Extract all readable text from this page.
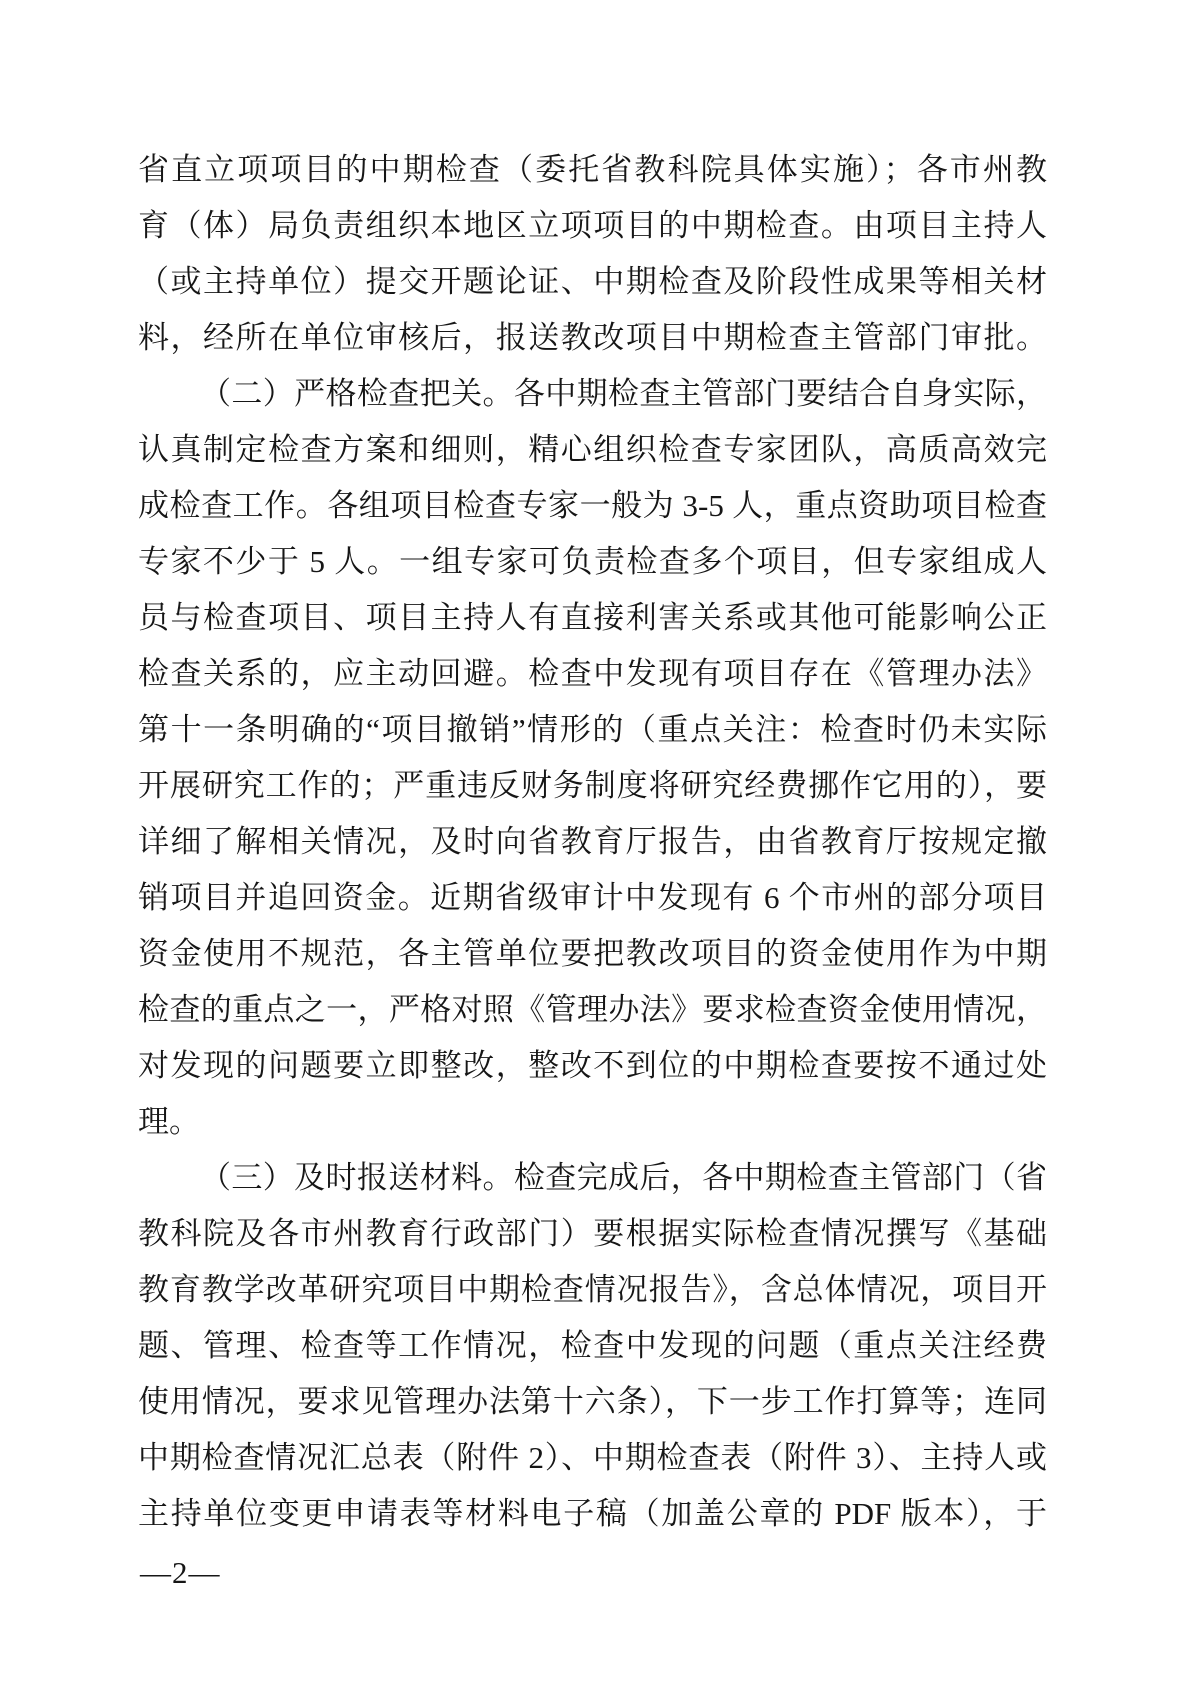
省直立项项目的中期检查（委托省教科院具体实施）；各市州教
育（体）局负责组织本地区立项项目的中期检查。由项目主持人
（或主持单位）提交开题论证、中期检查及阶段性成果等相关材
料，经所在单位审核后，报送教改项目中期检查主管部门审批。
（二）严格检查把关。各中期检查主管部门要结合自身实际，
认真制定检查方案和细则，精心组织检查专家团队，高质高效完
成检查工作。各组项目检查专家一般为 3-5 人，重点资助项目检查
专家不少于 5 人。一组专家可负责检查多个项目，但专家组成人
员与检查项目、项目主持人有直接利害关系或其他可能影响公正
检查关系的，应主动回避。检查中发现有项目存在《管理办法》
第十一条明确的“项目撤销”情形的（重点关注：检查时仍未实际
开展研究工作的；严重违反财务制度将研究经费挪作它用的），要
详细了解相关情况，及时向省教育厅报告，由省教育厅按规定撤
销项目并追回资金。近期省级审计中发现有 6 个市州的部分项目
资金使用不规范，各主管单位要把教改项目的资金使用作为中期
检查的重点之一，严格对照《管理办法》要求检查资金使用情况，
对发现的问题要立即整改，整改不到位的中期检查要按不通过处
理。
（三）及时报送材料。检查完成后，各中期检查主管部门（省
教科院及各市州教育行政部门）要根据实际检查情况撰写《基础
教育教学改革研究项目中期检查情况报告》，含总体情况，项目开
题、管理、检查等工作情况，检查中发现的问题（重点关注经费
使用情况，要求见管理办法第十六条），下一步工作打算等；连同
中期检查情况汇总表（附件 2）、中期检查表（附件 3）、主持人或
主持单位变更申请表等材料电子稿（加盖公章的 PDF 版本），于
—2—
